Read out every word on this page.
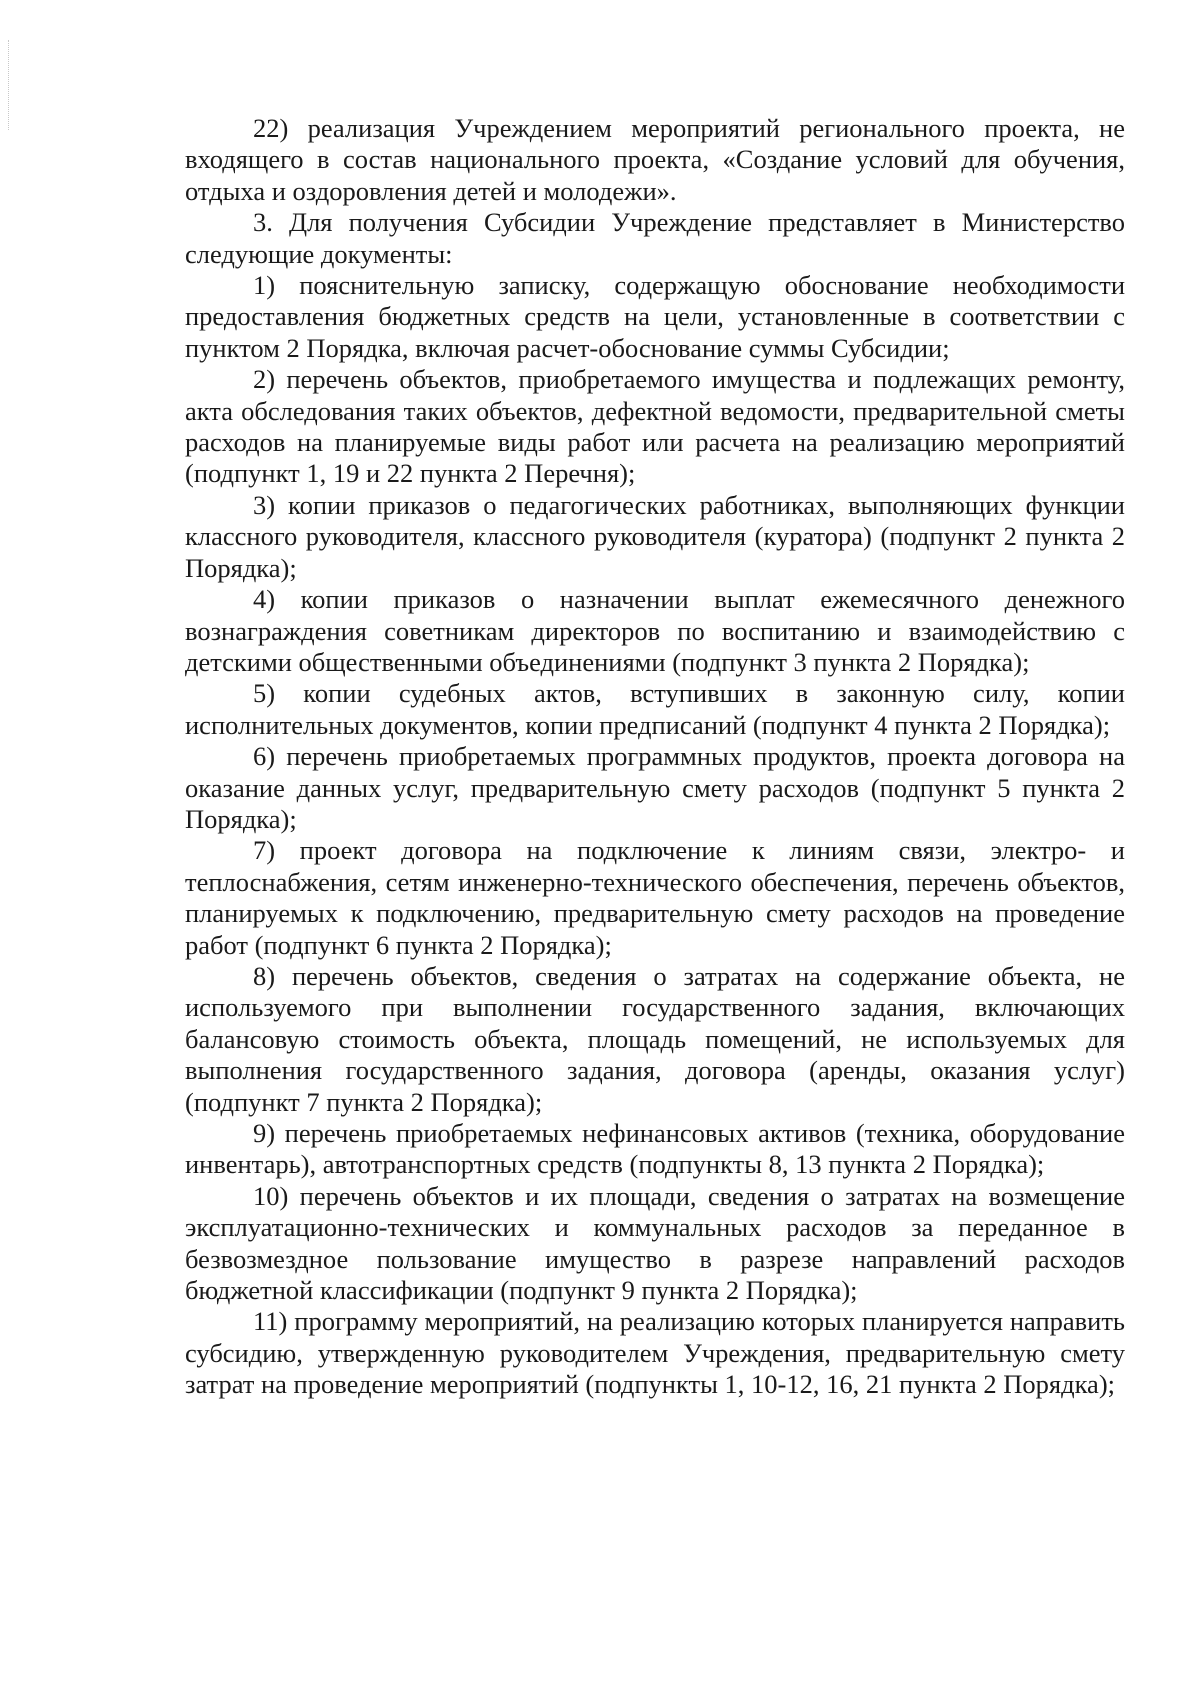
22) реализация Учреждением мероприятий регионального проекта, не входящего в состав национального проекта, «Создание условий для обучения, отдыха и оздоровления детей и молодежи».

3. Для получения Субсидии Учреждение представляет в Министерство следующие документы:

1) пояснительную записку, содержащую обоснование необходимости предоставления бюджетных средств на цели, установленные в соответствии с пунктом 2 Порядка, включая расчет-обоснование суммы Субсидии;

2) перечень объектов, приобретаемого имущества и подлежащих ремонту, акта обследования таких объектов, дефектной ведомости, предварительной сметы расходов на планируемые виды работ или расчета на реализацию мероприятий (подпункт 1, 19 и 22 пункта 2 Перечня);

3) копии приказов о педагогических работниках, выполняющих функции классного руководителя, классного руководителя (куратора) (подпункт 2 пункта 2 Порядка);

4) копии приказов о назначении выплат ежемесячного денежного вознаграждения советникам директоров по воспитанию и взаимодействию с детскими общественными объединениями (подпункт 3 пункта 2 Порядка);

5) копии судебных актов, вступивших в законную силу, копии исполнительных документов, копии предписаний (подпункт 4 пункта 2 Порядка);

6) перечень приобретаемых программных продуктов, проекта договора на оказание данных услуг, предварительную смету расходов (подпункт 5 пункта 2 Порядка);

7) проект договора на подключение к линиям связи, электро- и теплоснабжения, сетям инженерно-технического обеспечения, перечень объектов, планируемых к подключению, предварительную смету расходов на проведение работ (подпункт 6 пункта 2 Порядка);

8) перечень объектов, сведения о затратах на содержание объекта, не используемого при выполнении государственного задания, включающих балансовую стоимость объекта, площадь помещений, не используемых для выполнения государственного задания, договора (аренды, оказания услуг) (подпункт 7 пункта 2 Порядка);

9) перечень приобретаемых нефинансовых активов (техника, оборудование инвентарь), автотранспортных средств (подпункты 8, 13 пункта 2 Порядка);

10) перечень объектов и их площади, сведения о затратах на возмещение эксплуатационно-технических и коммунальных расходов за переданное в безвозмездное пользование имущество в разрезе направлений расходов бюджетной классификации (подпункт 9 пункта 2 Порядка);

11) программу мероприятий, на реализацию которых планируется направить субсидию, утвержденную руководителем Учреждения, предварительную смету затрат на проведение мероприятий (подпункты 1, 10-12, 16, 21 пункта 2 Порядка);
